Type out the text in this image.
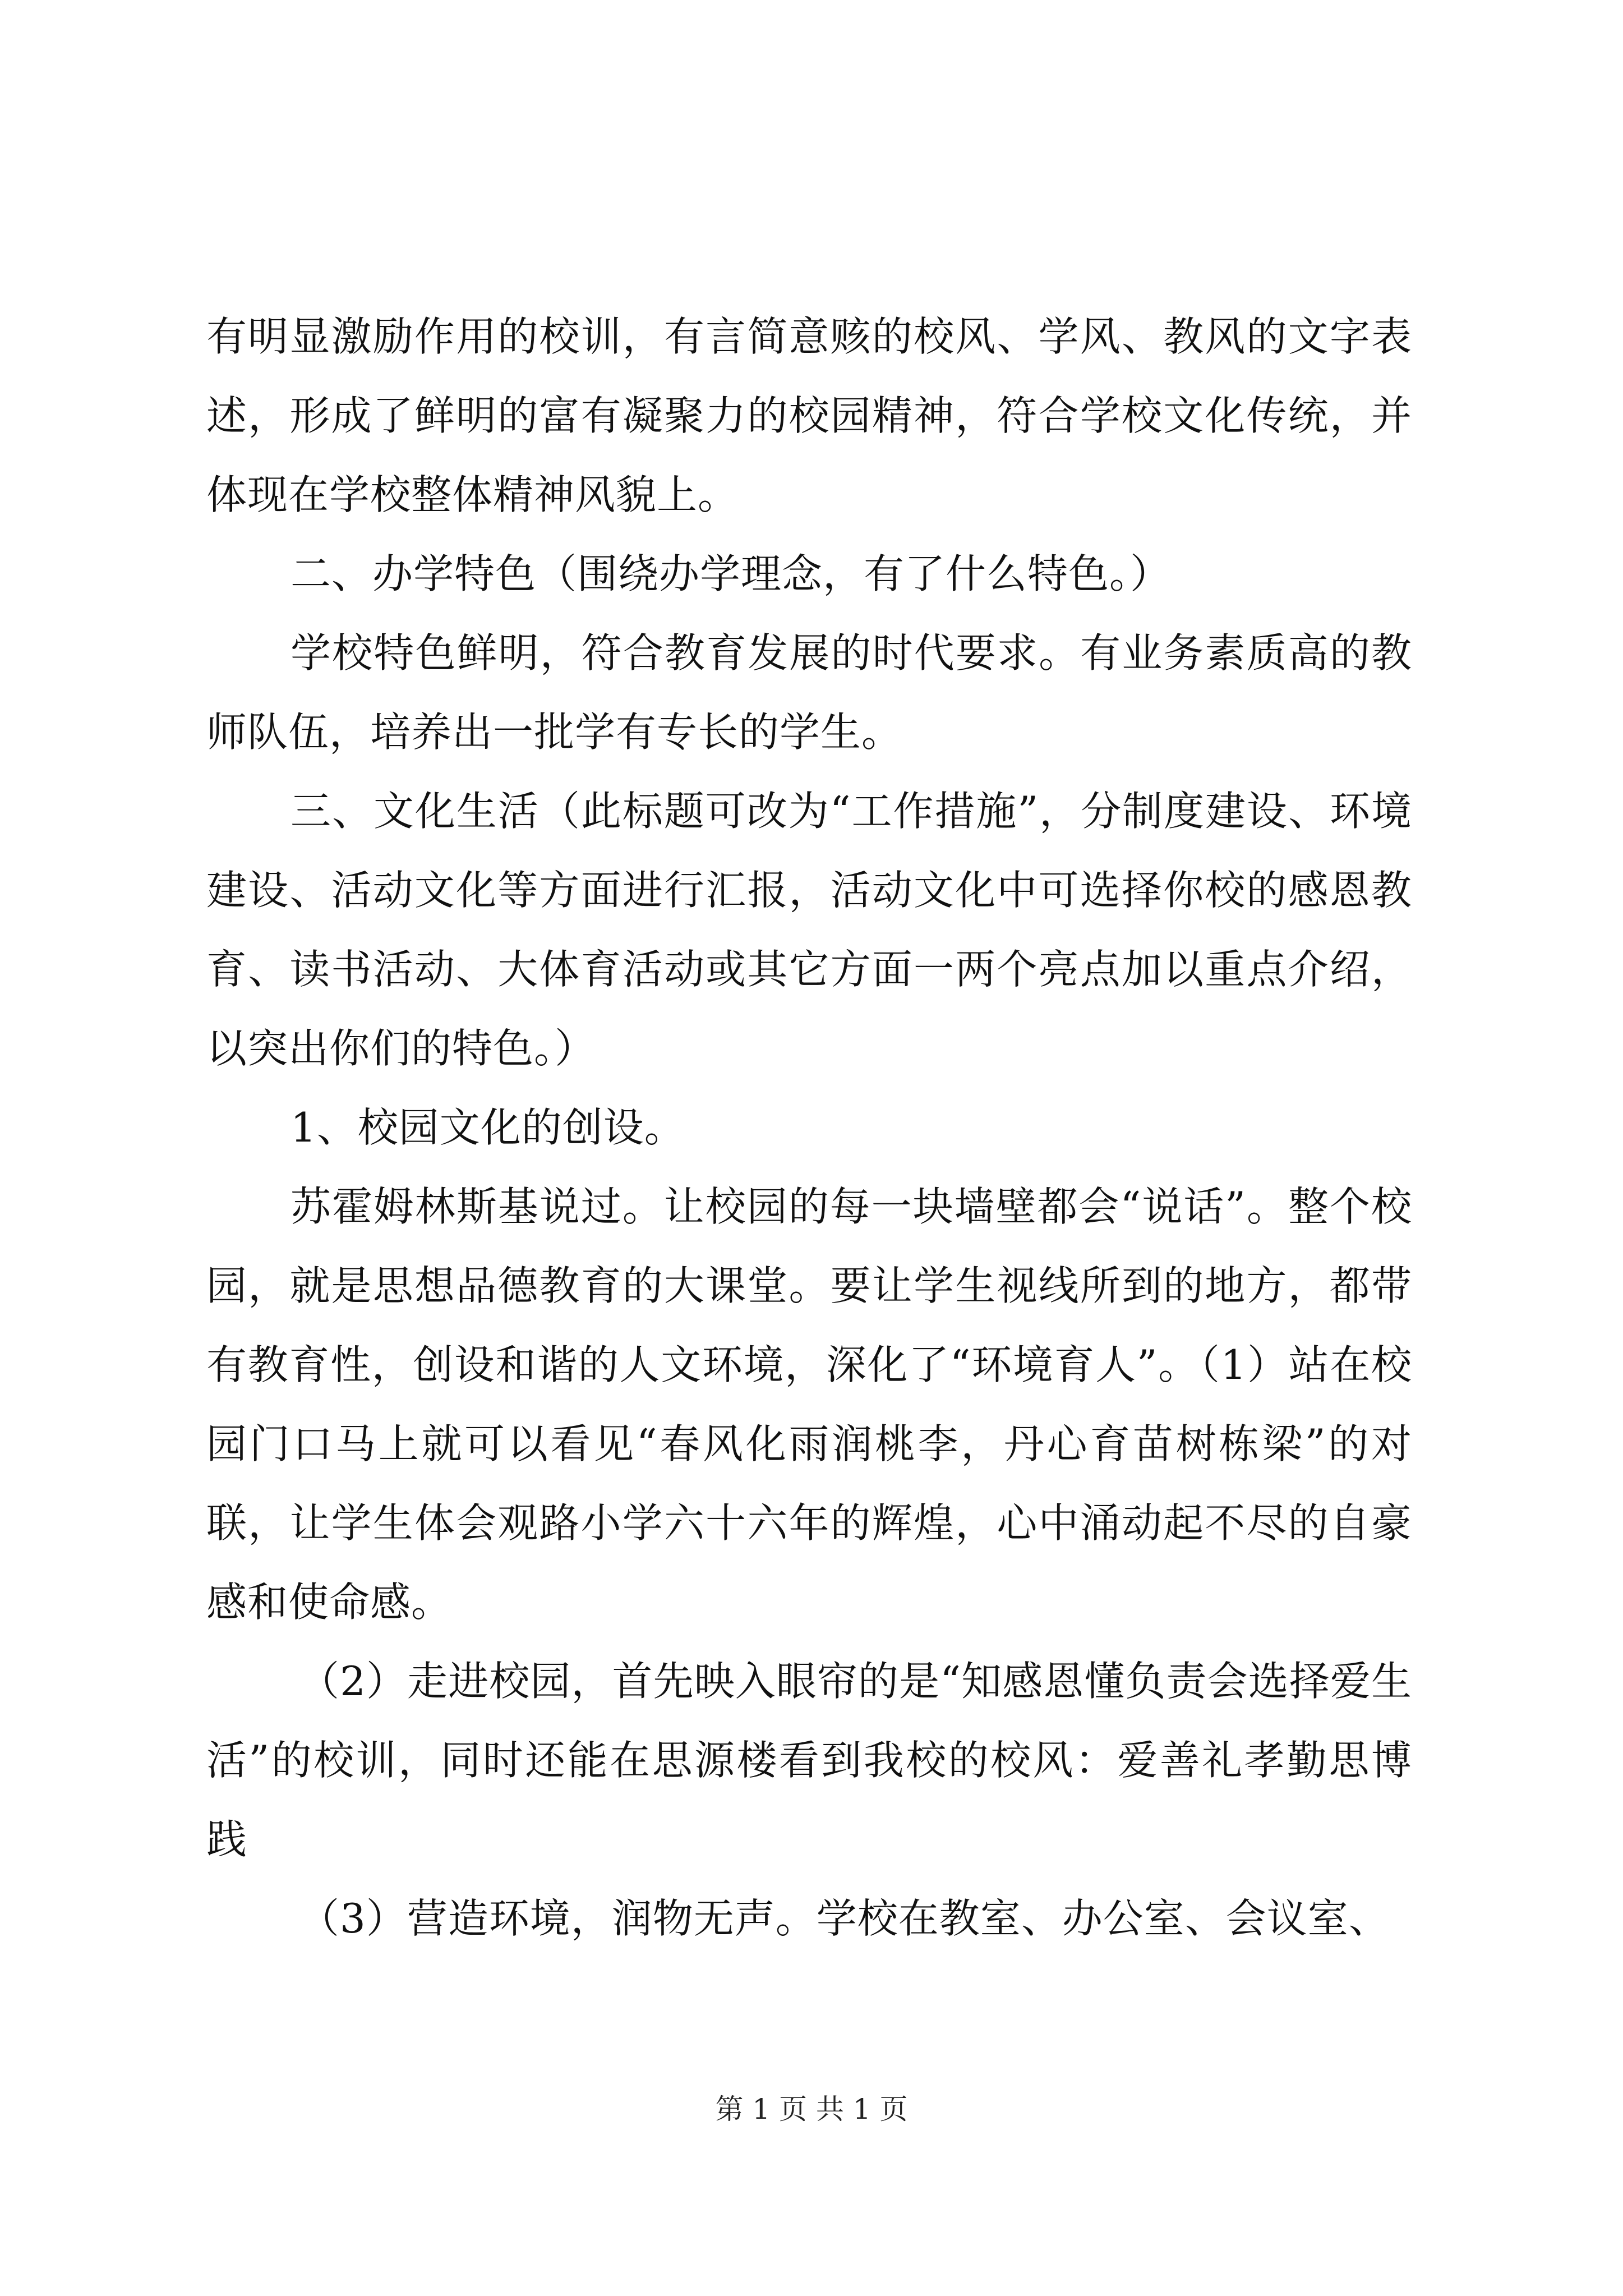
有明显激励作用的校训，有言简意赅的校风、学风、教风的文字表述，形成了鲜明的富有凝聚力的校园精神，符合学校文化传统，并体现在学校整体精神风貌上。

二、办学特色（围绕办学理念，有了什么特色。）

学校特色鲜明，符合教育发展的时代要求。有业务素质高的教师队伍，培养出一批学有专长的学生。

三、文化生活（此标题可改为“工作措施”，分制度建设、环境建设、活动文化等方面进行汇报，活动文化中可选择你校的感恩教育、读书活动、大体育活动或其它方面一两个亮点加以重点介绍，以突出你们的特色。）

1、校园文化的创设。

苏霍姆林斯基说过。让校园的每一块墙壁都会“说话”。整个校园，就是思想品德教育的大课堂。要让学生视线所到的地方，都带有教育性，创设和谐的人文环境，深化了“环境育人”。（1）站在校园门口马上就可以看见“春风化雨润桃李，丹心育苗树栋梁”的对联，让学生体会观路小学六十六年的辉煌，心中涌动起不尽的自豪感和使命感。

（2）走进校园，首先映入眼帘的是“知感恩懂负责会选择爱生活”的校训，同时还能在思源楼看到我校的校风：爱善礼孝勤思博践

（3）营造环境，润物无声。学校在教室、办公室、会议室、

第 1 页 共 1 页
